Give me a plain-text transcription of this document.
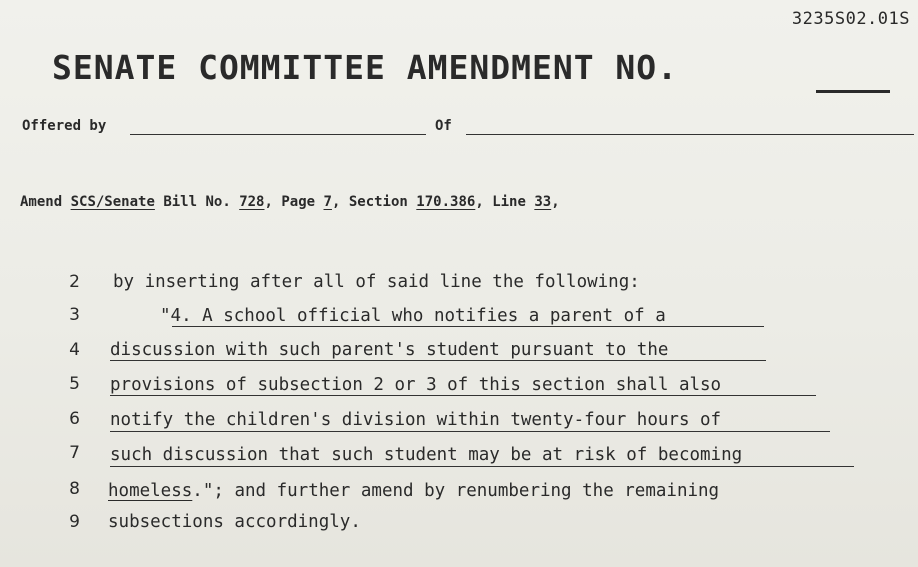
3235S02.01S
SENATE COMMITTEE AMENDMENT NO.
Offered by	Of
Amend SCS/Senate Bill No. 728, Page 7, Section 170.386, Line 33,
2 by inserting after all of said line the following:
3	"4. A school official who notifies a parent of a
4 discussion with such parent's student pursuant to the
5 provisions of subsection 2 or 3 of this section shall also
6 notify the children's division within twenty-four hours of
7 such discussion that such student may be at risk of becoming
8 homeless."; and further amend by renumbering the remaining
9 subsections accordingly.
